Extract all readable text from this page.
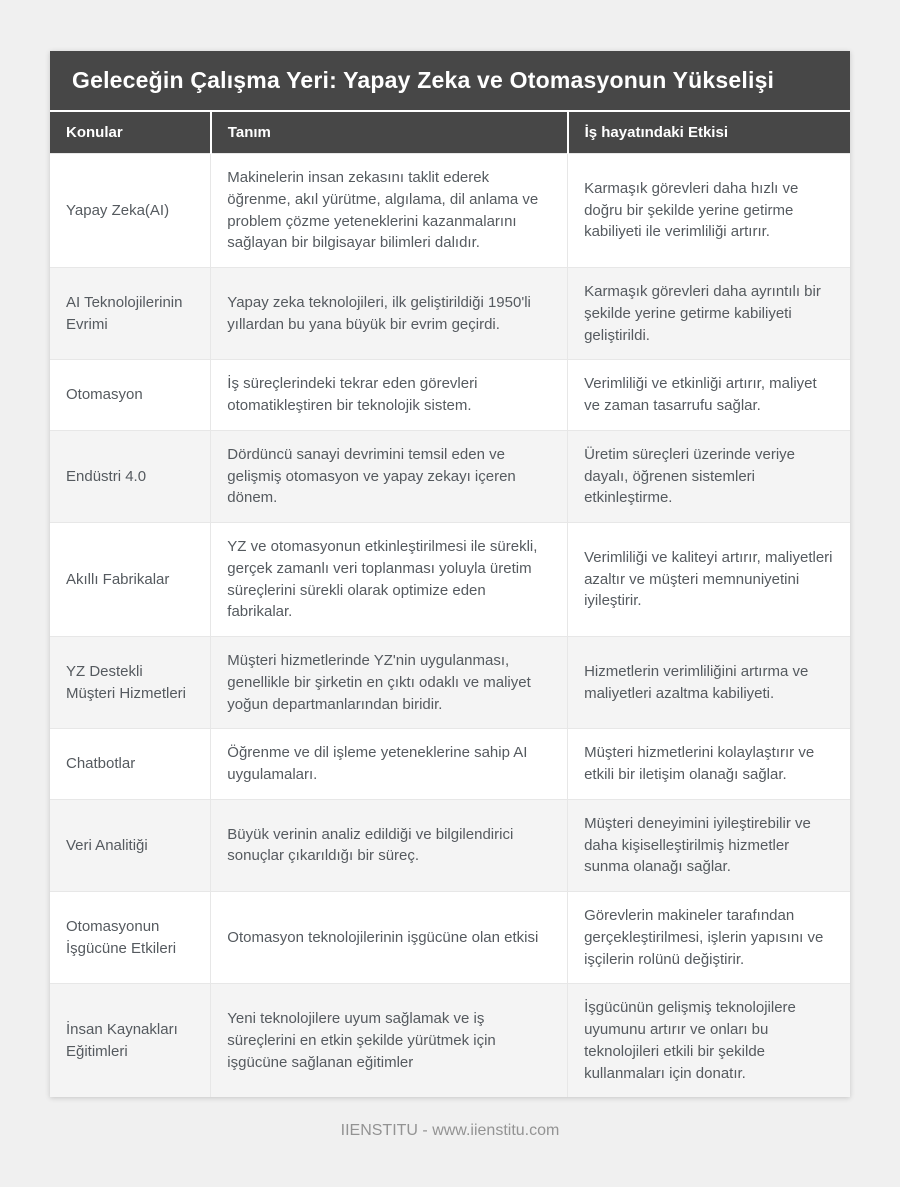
Geleceğin Çalışma Yeri: Yapay Zeka ve Otomasyonun Yükselişi
Konular	Tanım	İş hayatındaki Etkisi
Yapay Zeka(AI)	Makinelerin insan zekasını taklit ederek öğrenme, akıl yürütme, algılama, dil anlama ve problem çözme yeteneklerini kazanmalarını sağlayan bir bilgisayar bilimleri dalıdır.	Karmaşık görevleri daha hızlı ve doğru bir şekilde yerine getirme kabiliyeti ile verimliliği artırır.
AI Teknolojilerinin Evrimi	Yapay zeka teknolojileri, ilk geliştirildiği 1950'li yıllardan bu yana büyük bir evrim geçirdi.	Karmaşık görevleri daha ayrıntılı bir şekilde yerine getirme kabiliyeti geliştirildi.
Otomasyon	İş süreçlerindeki tekrar eden görevleri otomatikleştiren bir teknolojik sistem.	Verimliliği ve etkinliği artırır, maliyet ve zaman tasarrufu sağlar.
Endüstri 4.0	Dördüncü sanayi devrimini temsil eden ve gelişmiş otomasyon ve yapay zekayı içeren dönem.	Üretim süreçleri üzerinde veriye dayalı, öğrenen sistemleri etkinleştirme.
Akıllı Fabrikalar	YZ ve otomasyonun etkinleştirilmesi ile sürekli, gerçek zamanlı veri toplanması yoluyla üretim süreçlerini sürekli olarak optimize eden fabrikalar.	Verimliliği ve kaliteyi artırır, maliyetleri azaltır ve müşteri memnuniyetini iyileştirir.
YZ Destekli Müşteri Hizmetleri	Müşteri hizmetlerinde YZ'nin uygulanması, genellikle bir şirketin en çıktı odaklı ve maliyet yoğun departmanlarından biridir.	Hizmetlerin verimliliğini artırma ve maliyetleri azaltma kabiliyeti.
Chatbotlar	Öğrenme ve dil işleme yeteneklerine sahip AI uygulamaları.	Müşteri hizmetlerini kolaylaştırır ve etkili bir iletişim olanağı sağlar.
Veri Analitiği	Büyük verinin analiz edildiği ve bilgilendirici sonuçlar çıkarıldığı bir süreç.	Müşteri deneyimini iyileştirebilir ve daha kişiselleştirilmiş hizmetler sunma olanağı sağlar.
Otomasyonun İşgücüne Etkileri	Otomasyon teknolojilerinin işgücüne olan etkisi	Görevlerin makineler tarafından gerçekleştirilmesi, işlerin yapısını ve işçilerin rolünü değiştirir.
İnsan Kaynakları Eğitimleri	Yeni teknolojilere uyum sağlamak ve iş süreçlerini en etkin şekilde yürütmek için işgücüne sağlanan eğitimler	İşgücünün gelişmiş teknolojilere uyumunu artırır ve onları bu teknolojileri etkili bir şekilde kullanmaları için donatır.
IIENSTITU - www.iienstitu.com
